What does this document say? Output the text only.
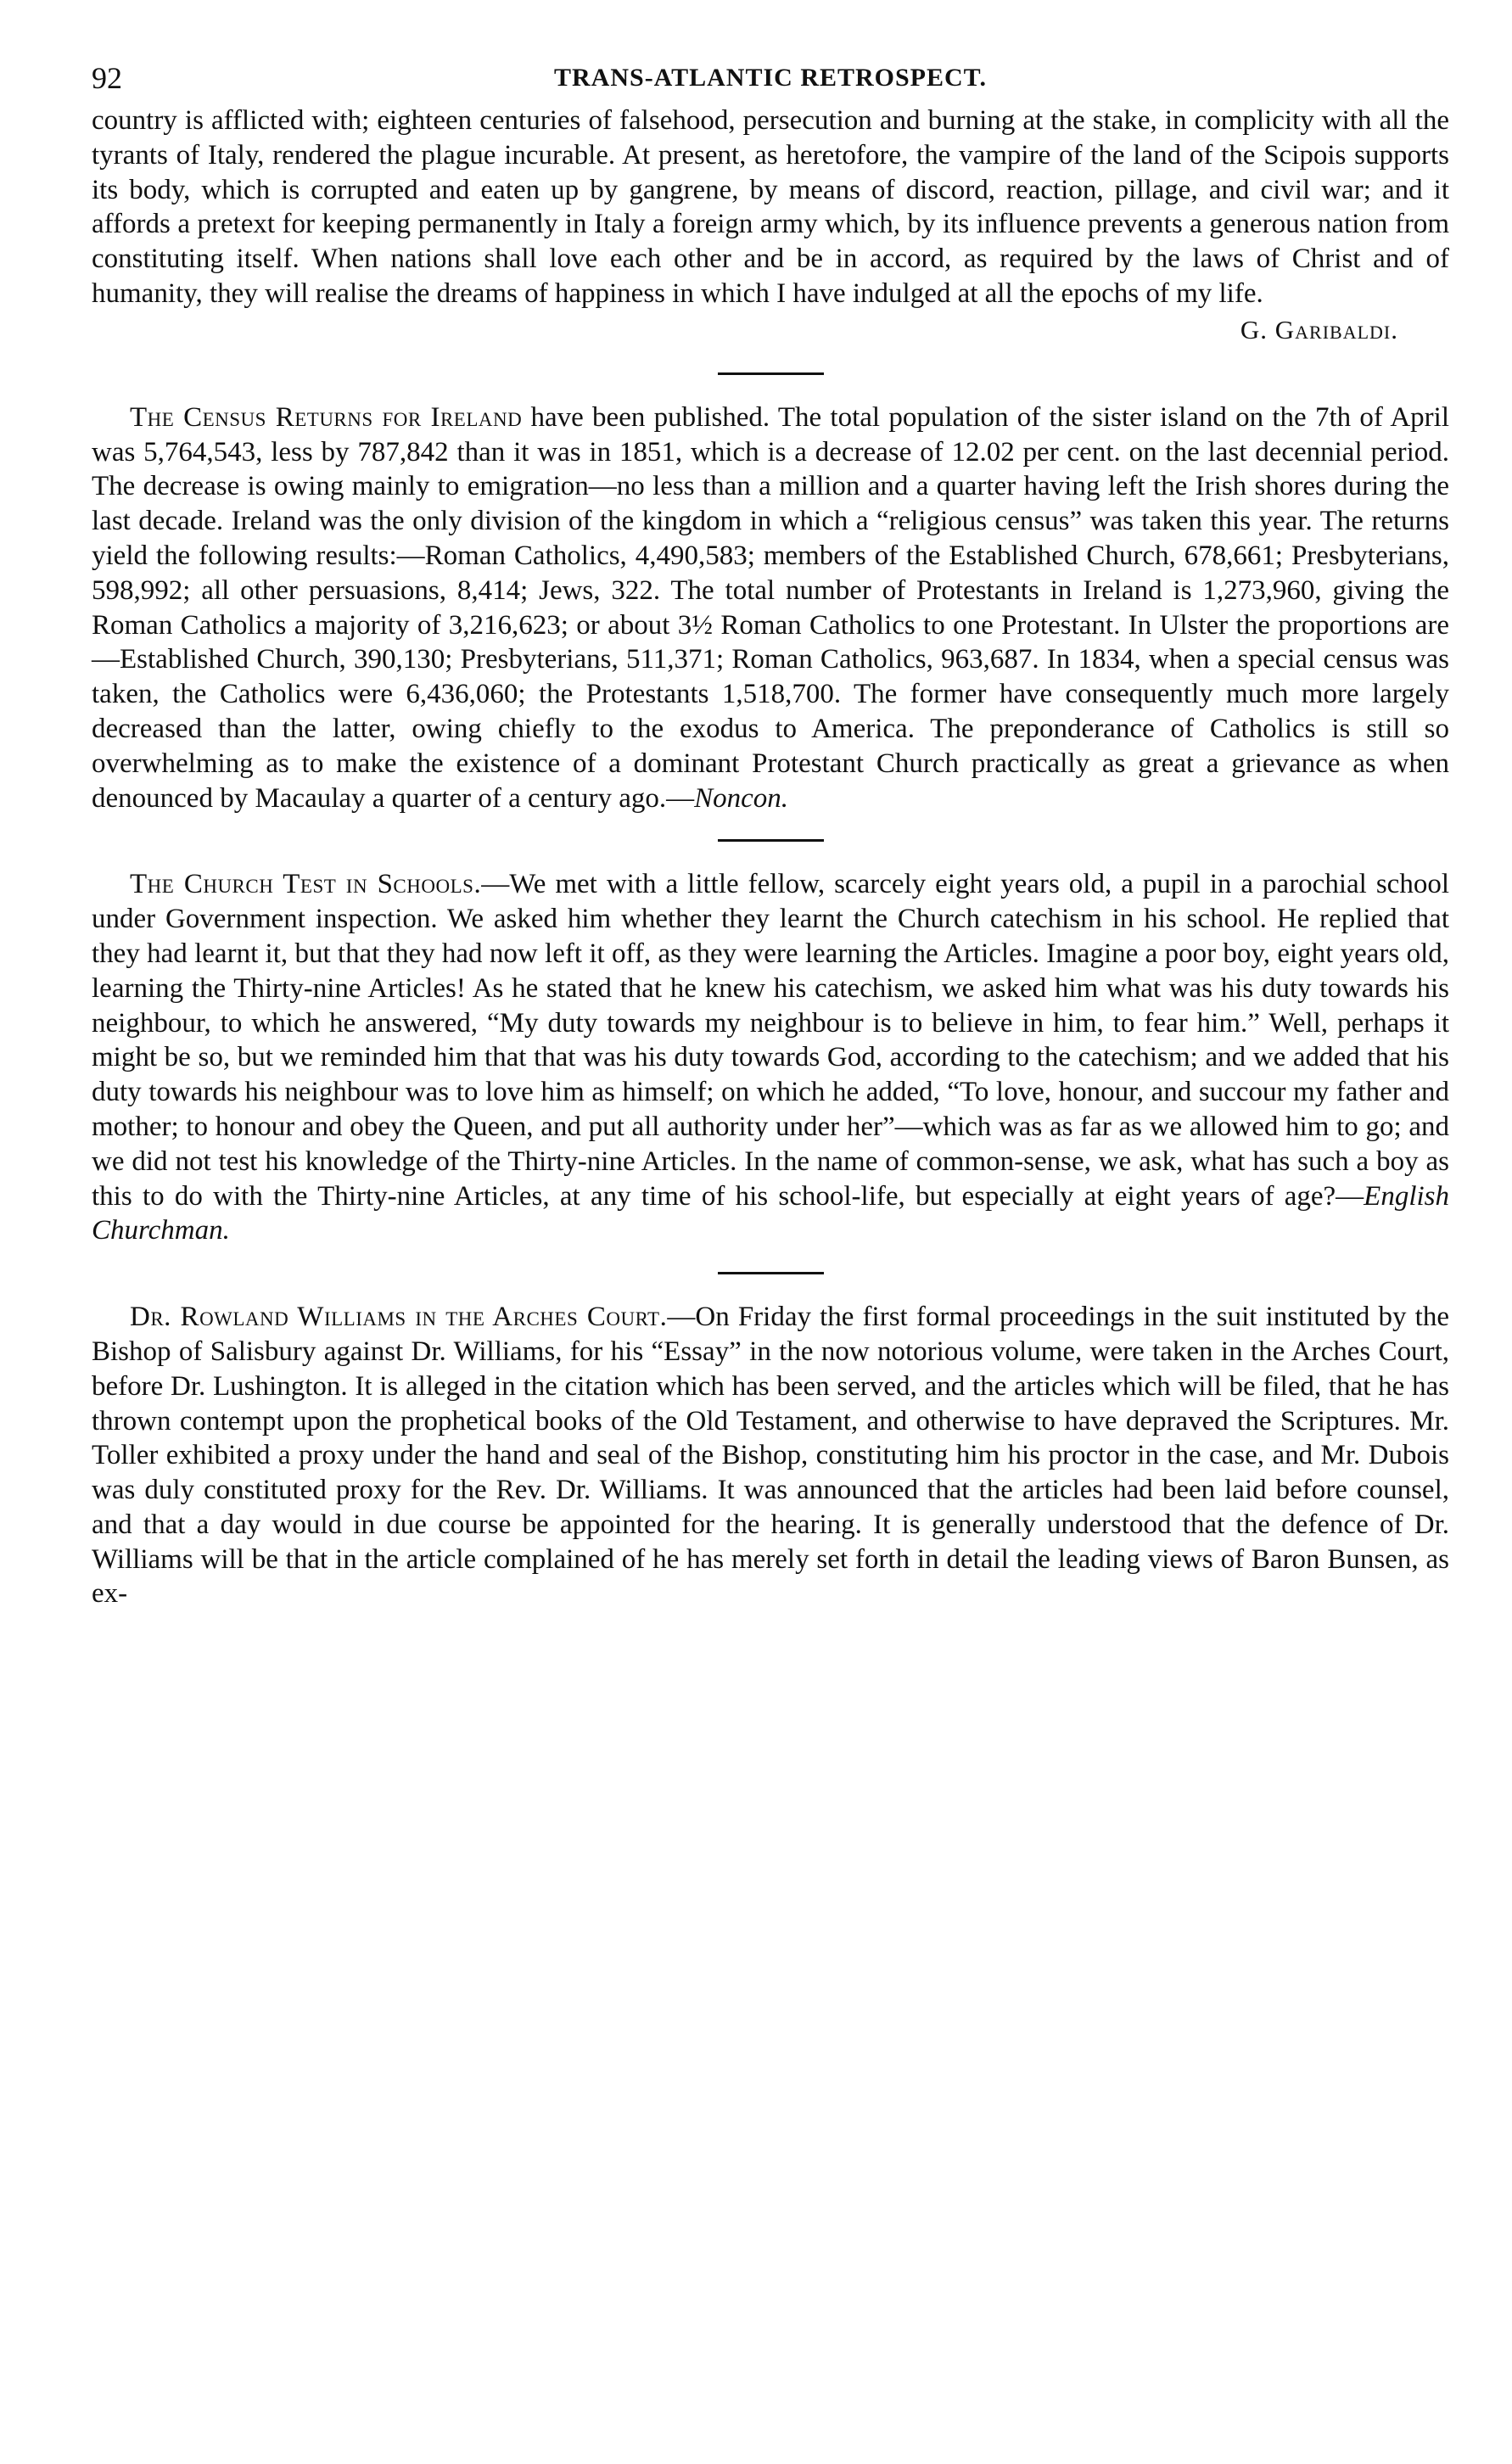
92	TRANS-ATLANTIC RETROSPECT.

country is afflicted with; eighteen centuries of falsehood, persecution and burning at the stake, in complicity with all the tyrants of Italy, rendered the plague incurable. At present, as heretofore, the vampire of the land of the Scipois supports its body, which is corrupted and eaten up by gangrene, by means of discord, reaction, pillage, and civil war; and it affords a pretext for keeping permanently in Italy a foreign army which, by its influence prevents a generous nation from constituting itself. When nations shall love each other and be in accord, as required by the laws of Christ and of humanity, they will realise the dreams of happiness in which I have indulged at all the epochs of my life.

G. Garibaldi.

The Census Returns for Ireland have been published. The total population of the sister island on the 7th of April was 5,764,543, less by 787,842 than it was in 1851, which is a decrease of 12.02 per cent. on the last decennial period. The decrease is owing mainly to emigration—no less than a million and a quarter having left the Irish shores during the last decade. Ireland was the only division of the kingdom in which a “religious census” was taken this year. The returns yield the following results:—Roman Catholics, 4,490,583; members of the Established Church, 678,661; Presbyterians, 598,992; all other persuasions, 8,414; Jews, 322. The total number of Protestants in Ireland is 1,273,960, giving the Roman Catholics a majority of 3,216,623; or about 3½ Roman Catholics to one Protestant. In Ulster the proportions are—Established Church, 390,130; Presbyterians, 511,371; Roman Catholics, 963,687. In 1834, when a special census was taken, the Catholics were 6,436,060; the Protestants 1,518,700. The former have consequently much more largely decreased than the latter, owing chiefly to the exodus to America. The preponderance of Catholics is still so overwhelming as to make the existence of a dominant Protestant Church practically as great a grievance as when denounced by Macaulay a quarter of a century ago.—Noncon.

The Church Test in Schools.—We met with a little fellow, scarcely eight years old, a pupil in a parochial school under Government inspection. We asked him whether they learnt the Church catechism in his school. He replied that they had learnt it, but that they had now left it off, as they were learning the Articles. Imagine a poor boy, eight years old, learning the Thirty-nine Articles! As he stated that he knew his catechism, we asked him what was his duty towards his neighbour, to which he answered, “My duty towards my neighbour is to believe in him, to fear him.” Well, perhaps it might be so, but we reminded him that that was his duty towards God, according to the catechism; and we added that his duty towards his neighbour was to love him as himself; on which he added, “To love, honour, and succour my father and mother; to honour and obey the Queen, and put all authority under her”—which was as far as we allowed him to go; and we did not test his knowledge of the Thirty-nine Articles. In the name of common-sense, we ask, what has such a boy as this to do with the Thirty-nine Articles, at any time of his school-life, but especially at eight years of age?—English Churchman.

Dr. Rowland Williams in the Arches Court.—On Friday the first formal proceedings in the suit instituted by the Bishop of Salisbury against Dr. Williams, for his “Essay” in the now notorious volume, were taken in the Arches Court, before Dr. Lushington. It is alleged in the citation which has been served, and the articles which will be filed, that he has thrown contempt upon the prophetical books of the Old Testament, and otherwise to have depraved the Scriptures. Mr. Toller exhibited a proxy under the hand and seal of the Bishop, constituting him his proctor in the case, and Mr. Dubois was duly constituted proxy for the Rev. Dr. Williams. It was announced that the articles had been laid before counsel, and that a day would in due course be appointed for the hearing. It is generally understood that the defence of Dr. Williams will be that in the article complained of he has merely set forth in detail the leading views of Baron Bunsen, as ex-
